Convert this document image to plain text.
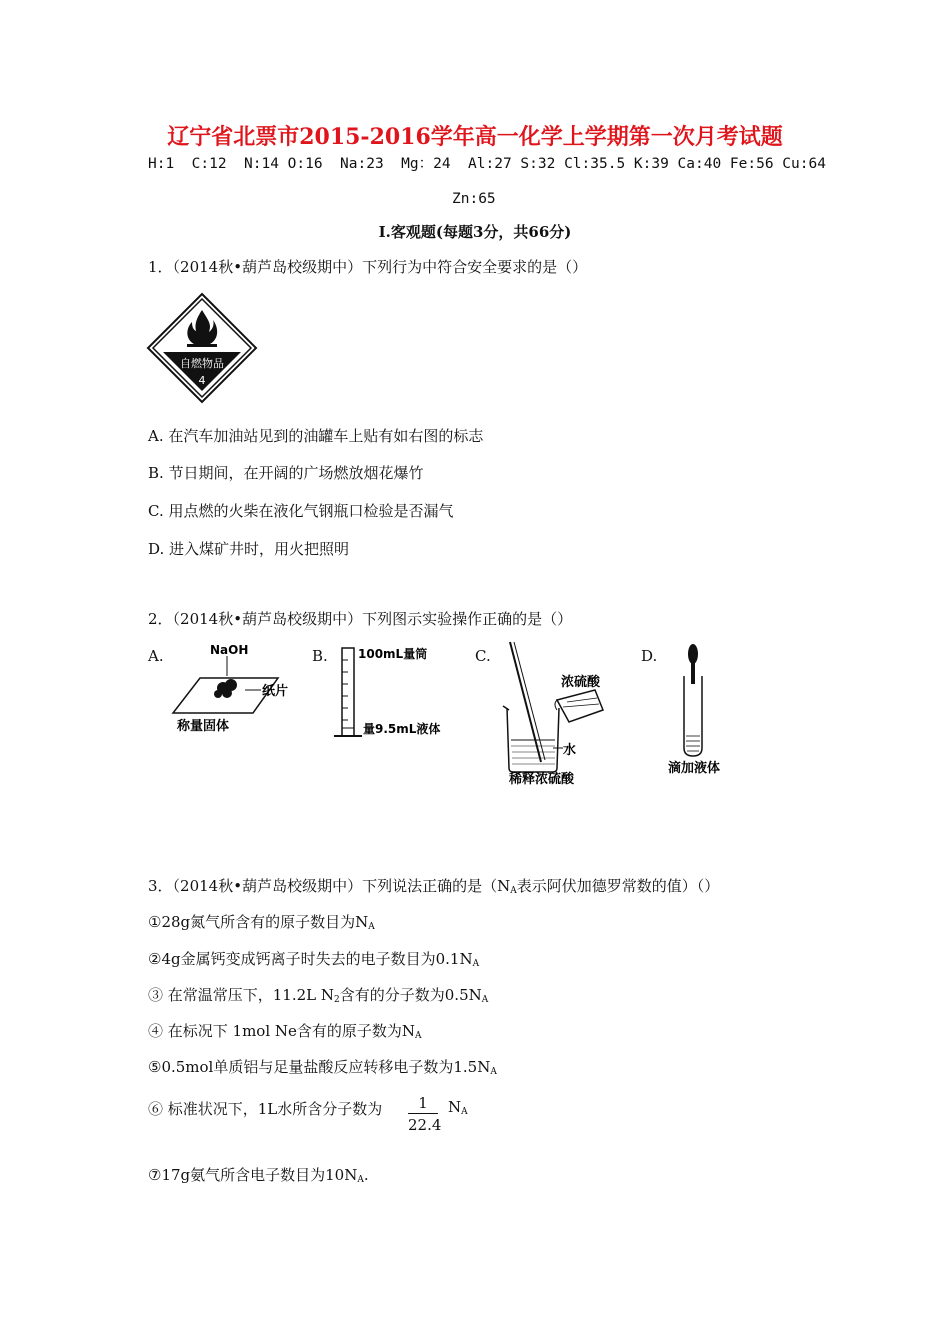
辽宁省北票市2015-2016学年高一化学上学期第一次月考试题
H:1  C:12  N:14 O:16  Na:23  Mg：24  Al:27 S:32 Cl:35.5 K:39 Ca:40 Fe:56 Cu:64
Zn:65
Ⅰ.客观题(每题3分，共66分)
1．（2014秋•葫芦岛校级期中）下列行为中符合安全要求的是（）
自燃物品
4
A. 在汽车加油站见到的油罐车上贴有如右图的标志
B. 节日期间，在开阔的广场燃放烟花爆竹
C. 用点燃的火柴在液化气钢瓶口检验是否漏气
D. 进入煤矿井时，用火把照明
2．（2014秋•葫芦岛校级期中）下列图示实验操作正确的是（）
A.	NaOH
纸片
称量固体
B.	100mL量筒
量9.5mL液体
C.
浓硫酸
水
稀释浓硫酸
D.
滴加液体
3．（2014秋•葫芦岛校级期中）下列说法正确的是（$N_A$表示阿伏加德罗常数的值）（）
①28g氮气所含有的原子数目为$N_A$
②4g金属钙变成钙离子时失去的电子数目为$0.1N_A$
③ 在常温常压下，11.2L $N_2$含有的分子数为$0.5N_A$
④ 在标况下 1mol Ne含有的原子数为$N_A$
⑤0.5mol单质铝与足量盐酸反应转移电子数为$1.5N_A$
⑥ 标准状况下，1L水所含分子数为 $\frac{1}{22.4} N_A$
⑦17g氨气所含电子数目为$10N_A$.
